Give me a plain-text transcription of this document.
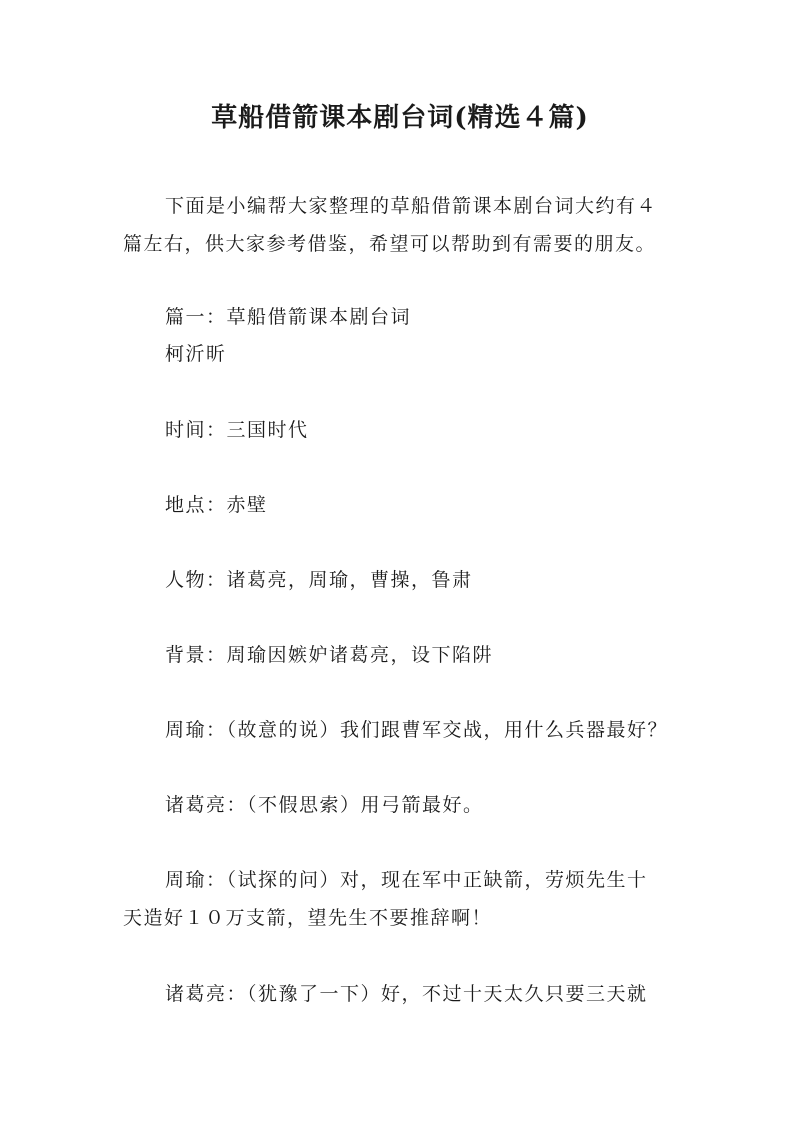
草船借箭课本剧台词(精选４篇)
下面是小编帮大家整理的草船借箭课本剧台词大约有４
篇左右，供大家参考借鉴，希望可以帮助到有需要的朋友。
篇一：草船借箭课本剧台词
柯沂昕
时间：三国时代
地点：赤壁
人物：诸葛亮，周瑜，曹操，鲁肃
背景：周瑜因嫉妒诸葛亮，设下陷阱
周瑜：（故意的说）我们跟曹军交战，用什么兵器最好？
诸葛亮：（不假思索）用弓箭最好。
周瑜：（试探的问）对，现在军中正缺箭，劳烦先生十
天造好１０万支箭，望先生不要推辞啊！
诸葛亮：（犹豫了一下）好，不过十天太久只要三天就
